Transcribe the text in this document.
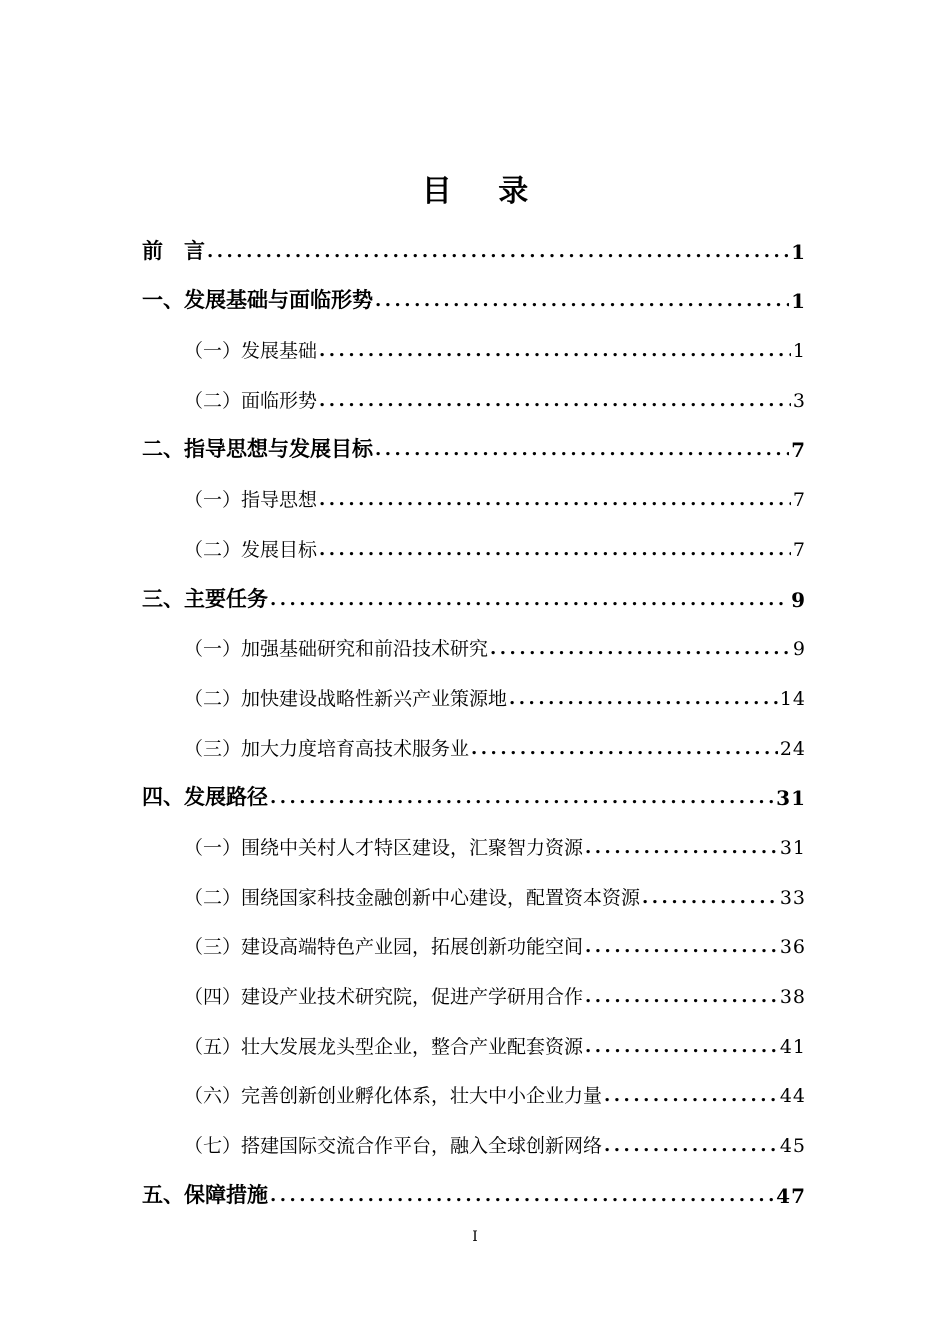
目 录
前　言 .....	1
一、发展基础与面临形势 .....	1
（一）发展基础 .....	1
（二）面临形势 .....	3
二、指导思想与发展目标 .....	7
（一）指导思想 .....	7
（二）发展目标 .....	7
三、主要任务 .....	9
（一）加强基础研究和前沿技术研究 .....	9
（二）加快建设战略性新兴产业策源地 .....	14
（三）加大力度培育高技术服务业 .....	24
四、发展路径 .....	31
（一）围绕中关村人才特区建设，汇聚智力资源 .....	31
（二）围绕国家科技金融创新中心建设，配置资本资源 .....	33
（三）建设高端特色产业园，拓展创新功能空间 .....	36
（四）建设产业技术研究院，促进产学研用合作 .....	38
（五）壮大发展龙头型企业，整合产业配套资源 .....	41
（六）完善创新创业孵化体系，壮大中小企业力量 .....	44
（七）搭建国际交流合作平台，融入全球创新网络 .....	45
五、保障措施 .....	47
I
